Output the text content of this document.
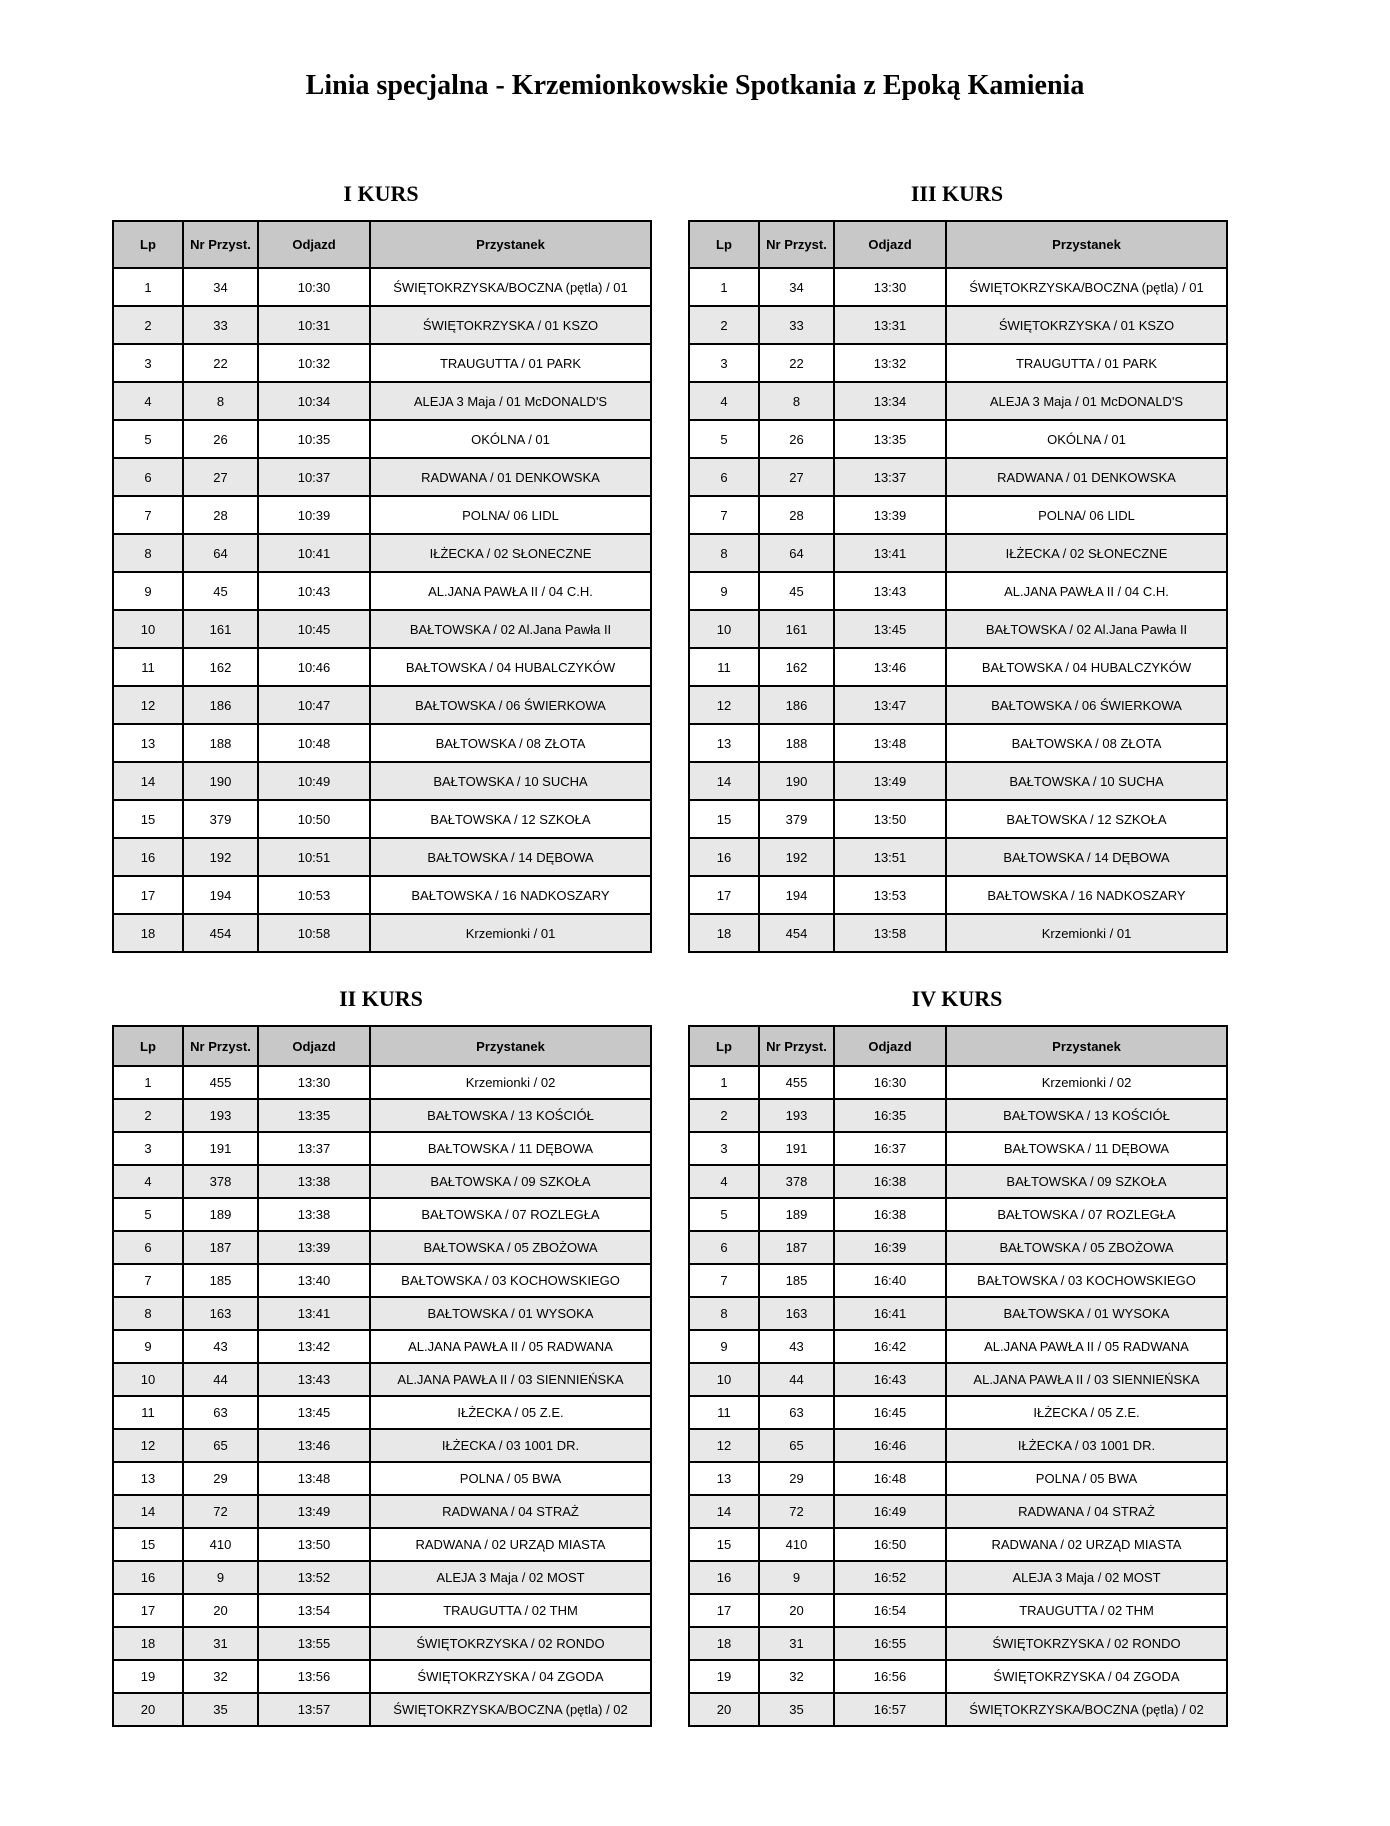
Linia specjalna - Krzemionkowskie Spotkania z Epoką Kamienia
I KURS
Lp	Nr Przyst.	Odjazd	Przystanek
1	34	10:30	ŚWIĘTOKRZYSKA/BOCZNA (pętla) / 01
2	33	10:31	ŚWIĘTOKRZYSKA / 01 KSZO
3	22	10:32	TRAUGUTTA / 01 PARK
4	8	10:34	ALEJA 3 Maja / 01 McDONALD'S
5	26	10:35	OKÓLNA / 01
6	27	10:37	RADWANA / 01 DENKOWSKA
7	28	10:39	POLNA/ 06 LIDL
8	64	10:41	IŁŻECKA / 02 SŁONECZNE
9	45	10:43	AL.JANA PAWŁA II / 04 C.H.
10	161	10:45	BAŁTOWSKA / 02 Al.Jana Pawła II
11	162	10:46	BAŁTOWSKA / 04 HUBALCZYKÓW
12	186	10:47	BAŁTOWSKA / 06 ŚWIERKOWA
13	188	10:48	BAŁTOWSKA / 08 ZŁOTA
14	190	10:49	BAŁTOWSKA / 10 SUCHA
15	379	10:50	BAŁTOWSKA / 12 SZKOŁA
16	192	10:51	BAŁTOWSKA / 14 DĘBOWA
17	194	10:53	BAŁTOWSKA / 16 NADKOSZARY
18	454	10:58	Krzemionki / 01
III KURS
Lp	Nr Przyst.	Odjazd	Przystanek
1	34	13:30	ŚWIĘTOKRZYSKA/BOCZNA (pętla) / 01
2	33	13:31	ŚWIĘTOKRZYSKA / 01 KSZO
3	22	13:32	TRAUGUTTA / 01 PARK
4	8	13:34	ALEJA 3 Maja / 01 McDONALD'S
5	26	13:35	OKÓLNA / 01
6	27	13:37	RADWANA / 01 DENKOWSKA
7	28	13:39	POLNA/ 06 LIDL
8	64	13:41	IŁŻECKA / 02 SŁONECZNE
9	45	13:43	AL.JANA PAWŁA II / 04 C.H.
10	161	13:45	BAŁTOWSKA / 02 Al.Jana Pawła II
11	162	13:46	BAŁTOWSKA / 04 HUBALCZYKÓW
12	186	13:47	BAŁTOWSKA / 06 ŚWIERKOWA
13	188	13:48	BAŁTOWSKA / 08 ZŁOTA
14	190	13:49	BAŁTOWSKA / 10 SUCHA
15	379	13:50	BAŁTOWSKA / 12 SZKOŁA
16	192	13:51	BAŁTOWSKA / 14 DĘBOWA
17	194	13:53	BAŁTOWSKA / 16 NADKOSZARY
18	454	13:58	Krzemionki / 01
II KURS
Lp	Nr Przyst.	Odjazd	Przystanek
1	455	13:30	Krzemionki / 02
2	193	13:35	BAŁTOWSKA / 13 KOŚCIÓŁ
3	191	13:37	BAŁTOWSKA / 11 DĘBOWA
4	378	13:38	BAŁTOWSKA / 09 SZKOŁA
5	189	13:38	BAŁTOWSKA / 07 ROZLEGŁA
6	187	13:39	BAŁTOWSKA / 05 ZBOŻOWA
7	185	13:40	BAŁTOWSKA / 03 KOCHOWSKIEGO
8	163	13:41	BAŁTOWSKA / 01 WYSOKA
9	43	13:42	AL.JANA PAWŁA II / 05 RADWANA
10	44	13:43	AL.JANA PAWŁA II / 03 SIENNIEŃSKA
11	63	13:45	IŁŻECKA / 05 Z.E.
12	65	13:46	IŁŻECKA / 03 1001 DR.
13	29	13:48	POLNA / 05 BWA
14	72	13:49	RADWANA / 04 STRAŻ
15	410	13:50	RADWANA / 02 URZĄD MIASTA
16	9	13:52	ALEJA 3 Maja / 02 MOST
17	20	13:54	TRAUGUTTA / 02 THM
18	31	13:55	ŚWIĘTOKRZYSKA / 02 RONDO
19	32	13:56	ŚWIĘTOKRZYSKA / 04 ZGODA
20	35	13:57	ŚWIĘTOKRZYSKA/BOCZNA (pętla) / 02
IV KURS
Lp	Nr Przyst.	Odjazd	Przystanek
1	455	16:30	Krzemionki / 02
2	193	16:35	BAŁTOWSKA / 13 KOŚCIÓŁ
3	191	16:37	BAŁTOWSKA / 11 DĘBOWA
4	378	16:38	BAŁTOWSKA / 09 SZKOŁA
5	189	16:38	BAŁTOWSKA / 07 ROZLEGŁA
6	187	16:39	BAŁTOWSKA / 05 ZBOŻOWA
7	185	16:40	BAŁTOWSKA / 03 KOCHOWSKIEGO
8	163	16:41	BAŁTOWSKA / 01 WYSOKA
9	43	16:42	AL.JANA PAWŁA II / 05 RADWANA
10	44	16:43	AL.JANA PAWŁA II / 03 SIENNIEŃSKA
11	63	16:45	IŁŻECKA / 05 Z.E.
12	65	16:46	IŁŻECKA / 03 1001 DR.
13	29	16:48	POLNA / 05 BWA
14	72	16:49	RADWANA / 04 STRAŻ
15	410	16:50	RADWANA / 02 URZĄD MIASTA
16	9	16:52	ALEJA 3 Maja / 02 MOST
17	20	16:54	TRAUGUTTA / 02 THM
18	31	16:55	ŚWIĘTOKRZYSKA / 02 RONDO
19	32	16:56	ŚWIĘTOKRZYSKA / 04 ZGODA
20	35	16:57	ŚWIĘTOKRZYSKA/BOCZNA (pętla) / 02
